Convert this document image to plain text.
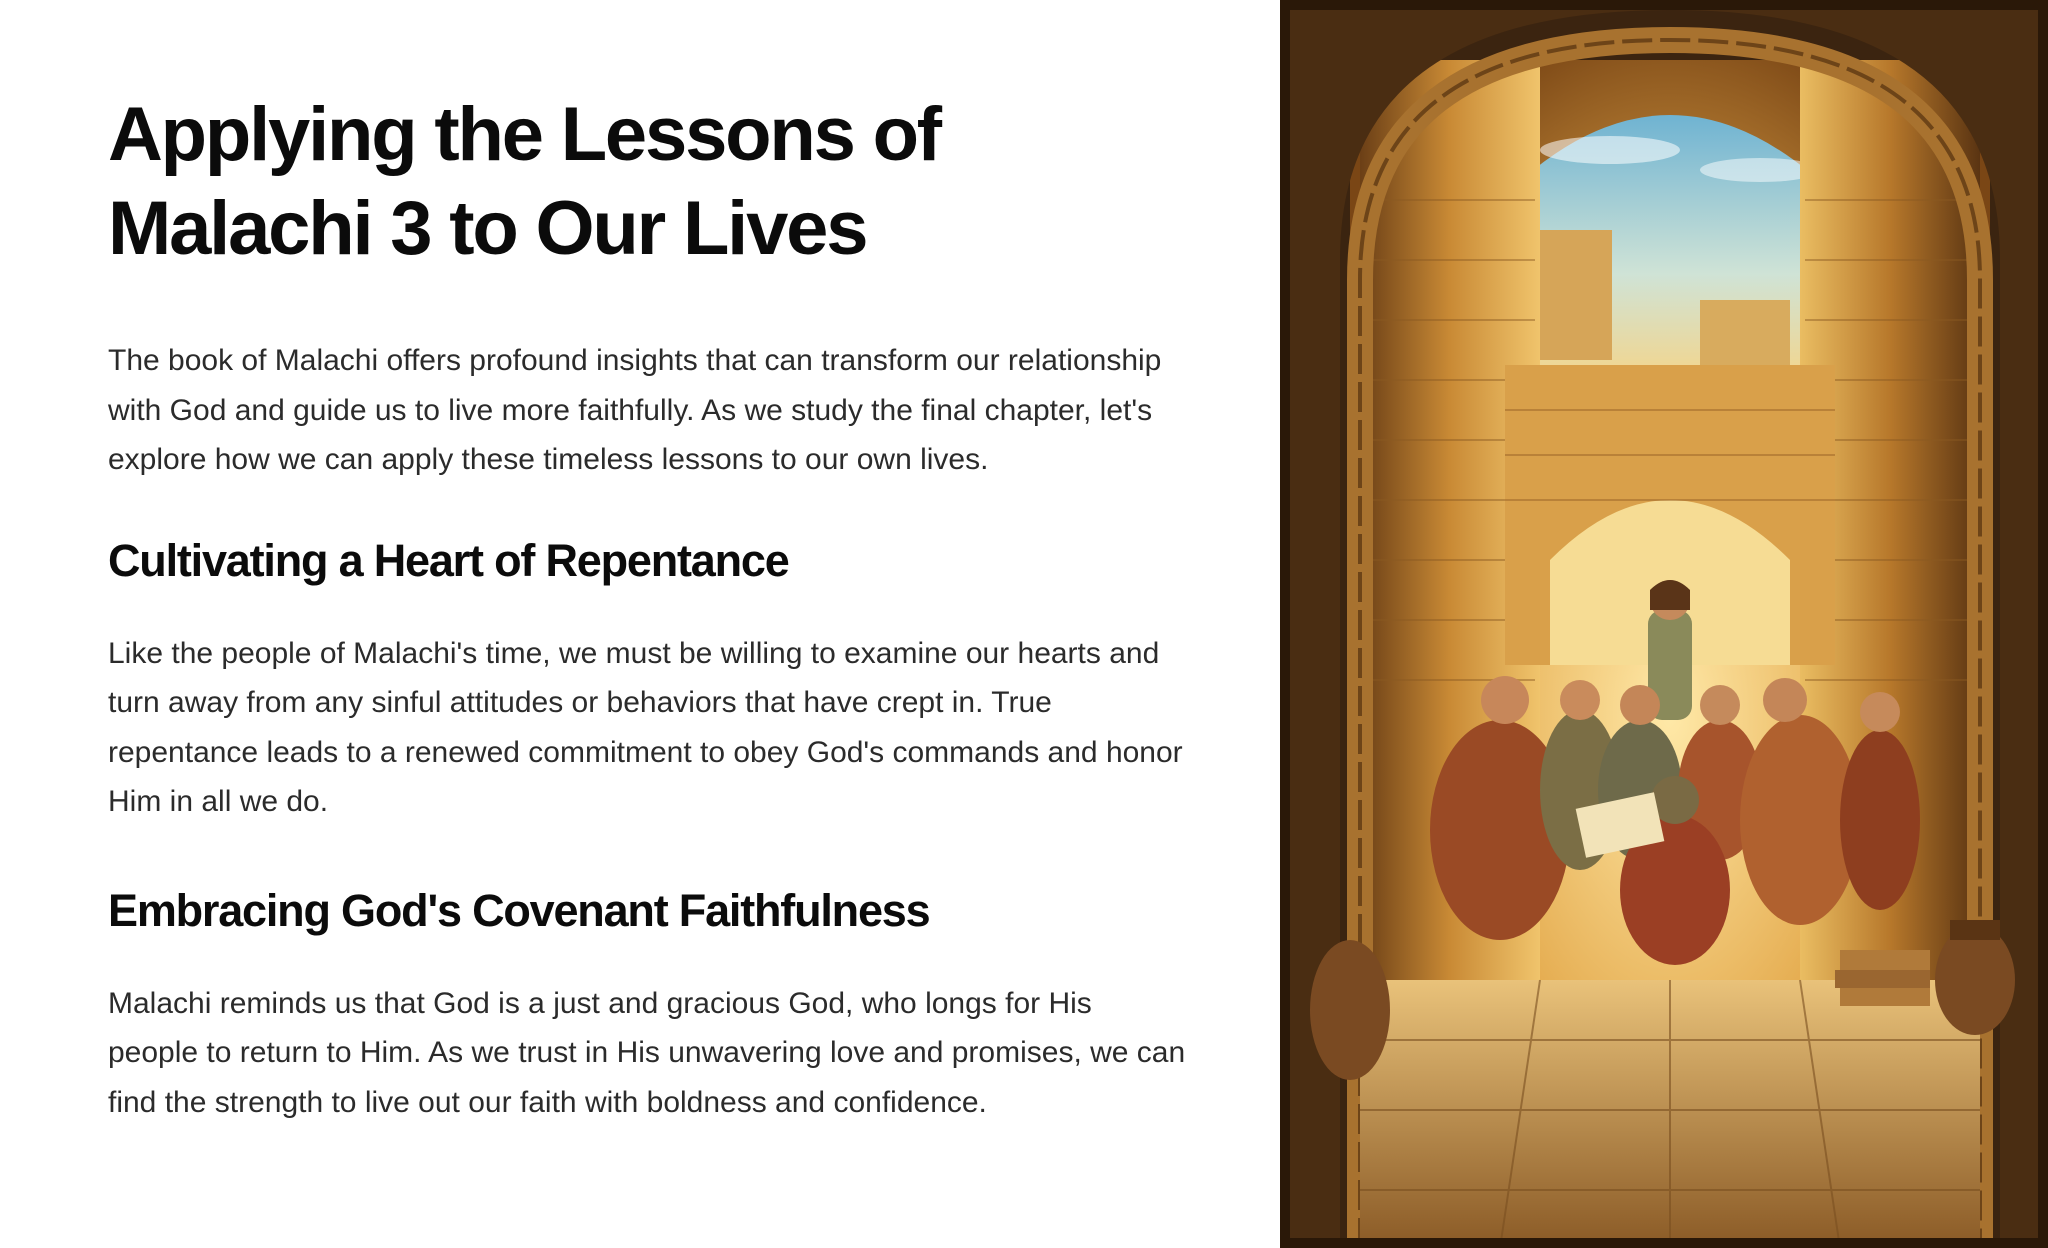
Applying the Lessons of
Malachi 3 to Our Lives

The book of Malachi offers profound insights that can transform our relationship with God and guide us to live more faithfully. As we study the final chapter, let's explore how we can apply these timeless lessons to our own lives.

Cultivating a Heart of Repentance

Like the people of Malachi's time, we must be willing to examine our hearts and turn away from any sinful attitudes or behaviors that have crept in. True repentance leads to a renewed commitment to obey God's commands and honor Him in all we do.

Embracing God's Covenant Faithfulness

Malachi reminds us that God is a just and gracious God, who longs for His people to return to Him. As we trust in His unwavering love and promises, we can find the strength to live out our faith with boldness and confidence.
